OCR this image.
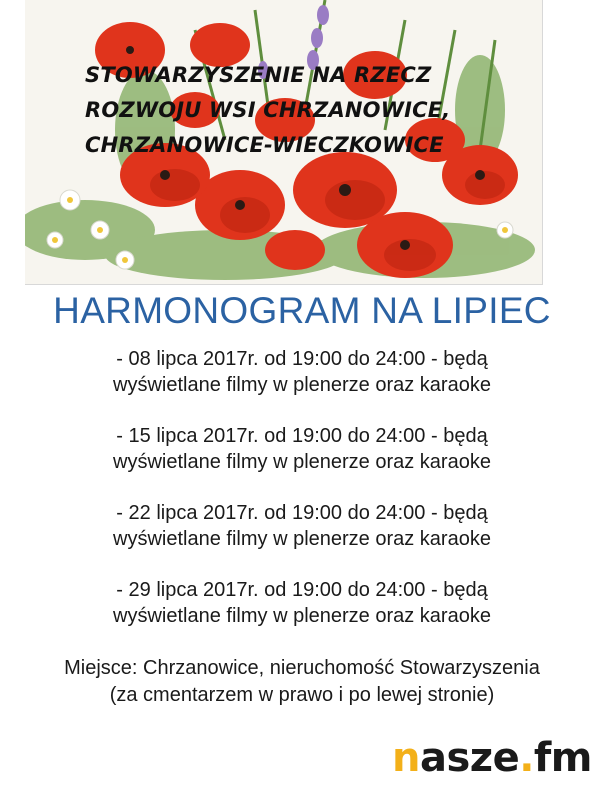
STOWARZYSZENIE NA RZECZ
ROZWOJU WSI CHRZANOWICE,
CHRZANOWICE-WIECZKOWICE
HARMONOGRAM NA LIPIEC
- 08 lipca 2017r. od 19:00 do 24:00 - będą
wyświetlane filmy w plenerze oraz karaoke
- 15 lipca 2017r. od 19:00 do 24:00 - będą
wyświetlane filmy w plenerze oraz karaoke
- 22 lipca 2017r. od 19:00 do 24:00 - będą
wyświetlane filmy w plenerze oraz karaoke
- 29 lipca 2017r. od 19:00 do 24:00 - będą
wyświetlane filmy w plenerze oraz karaoke
Miejsce: Chrzanowice, nieruchomość Stowarzyszenia
(za cmentarzem w prawo i po lewej stronie)
nasze.fm
